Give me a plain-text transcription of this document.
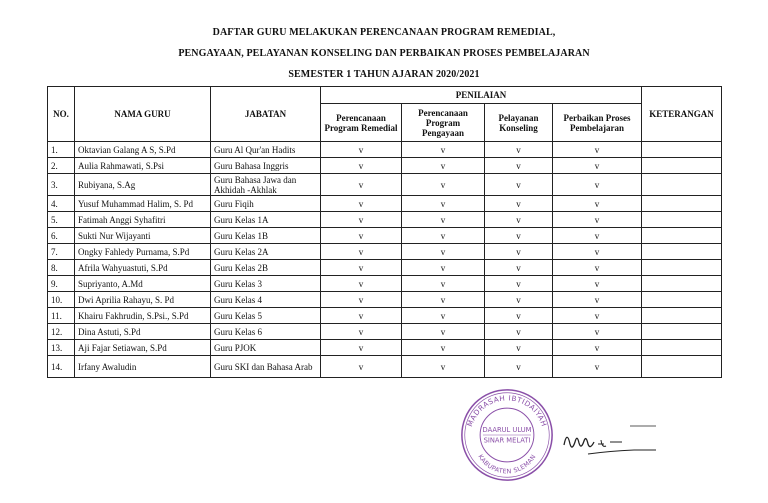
DAFTAR GURU MELAKUKAN PERENCANAAN PROGRAM REMEDIAL,
PENGAYAAN, PELAYANAN KONSELING DAN PERBAIKAN PROSES PEMBELAJARAN
SEMESTER 1 TAHUN AJARAN 2020/2021
NO.	NAMA GURU	JABATAN	PENILAIAN				KETERANGAN
			Perencanaan Program Remedial	Perencanaan Program Pengayaan	Pelayanan Konseling	Perbaikan Proses Pembelajaran	
1.	Oktavian Galang A S, S.Pd	Guru Al Qur'an Hadits	v	v	v	v	
2.	Aulia Rahmawati, S.Psi	Guru Bahasa Inggris	v	v	v	v	
3.	Rubiyana, S.Ag	Guru Bahasa Jawa dan Akhidah -Akhlak	v	v	v	v	
4.	Yusuf Muhammad Halim, S. Pd	Guru Fiqih	v	v	v	v	
5.	Fatimah Anggi Syhafitri	Guru Kelas 1A	v	v	v	v	
6.	Sukti Nur Wijayanti	Guru Kelas 1B	v	v	v	v	
7.	Ongky Fahledy Purnama, S.Pd	Guru Kelas 2A	v	v	v	v	
8.	Afrila Wahyuastuti, S.Pd	Guru Kelas 2B	v	v	v	v	
9.	Supriyanto, A.Md	Guru Kelas 3	v	v	v	v	
10.	Dwi Aprilia Rahayu, S. Pd	Guru Kelas 4	v	v	v	v	
11.	Khairu Fakhrudin, S.Psi., S.Pd	Guru Kelas 5	v	v	v	v	
12.	Dina Astuti, S.Pd	Guru Kelas 6	v	v	v	v	
13.	Aji Fajar Setiawan, S.Pd	Guru PJOK	v	v	v	v	
14.	Irfany Awaludin	Guru SKI dan Bahasa Arab	v	v	v	v	
MADRASAH IBTIDAIYAH
KABUPATEN SLEMAN
DAARUL ULUM
SINAR MELATI
